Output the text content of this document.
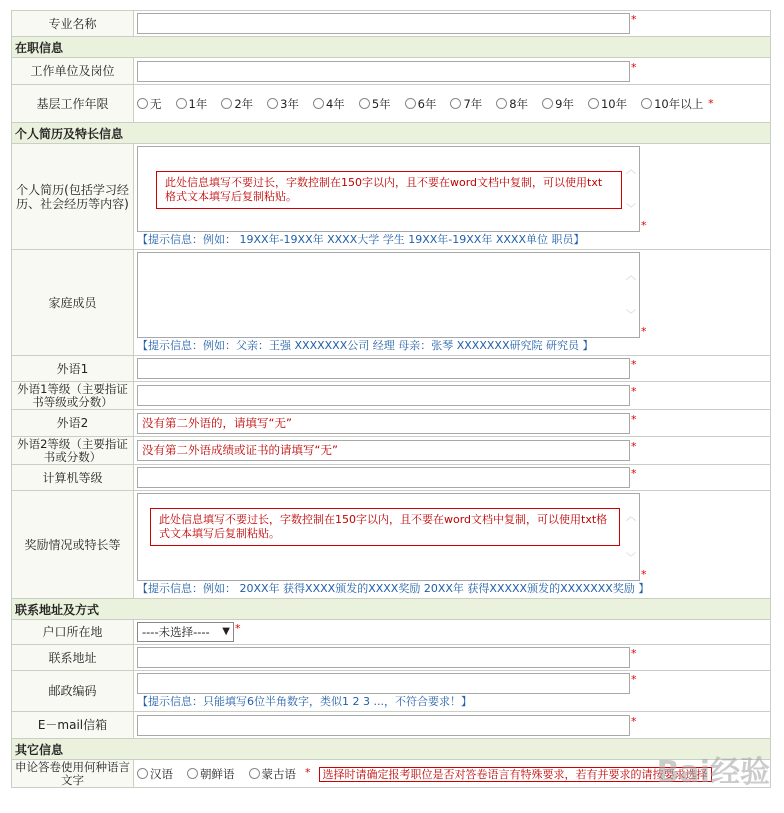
专业名称	*
在职信息	
工作单位及岗位	*
基层工作年限	无 1年 2年 3年 4年 5年 6年 7年 8年 9年 10年 10年以上 *

个人简历及特长信息	
个人简历(包括学习经历、社会经历等内容)	此处信息填写不要过长，字数控制在150字以内，且不要在word文档中复制，可以使用txt格式文本填写后复制粘贴。
︿
﹀
*
【提示信息：例如： 19XX年-19XX年 XXXX大学 学生 19XX年-19XX年 XXXX单位 职员】

家庭成员	︿
﹀
*
【提示信息：例如：父亲：王强 XXXXXXX公司 经理 母亲：张琴 XXXXXXX研究院 研究员 】

外语1	*
外语1等级（主要指证书等级或分数）	*
外语2	没有第二外语的，请填写“无” *
外语2等级（主要指证书或分数）	没有第二外语成绩或证书的请填写“无” *
计算机等级	*
奖励情况或特长等	此处信息填写不要过长，字数控制在150字以内，且不要在word文档中复制，可以使用txt格式文本填写后复制粘贴。
︿
﹀
*
【提示信息：例如： 20XX年 获得XXXX颁发的XXXX奖励 20XX年 获得XXXXX颁发的XXXXXXX奖励 】

联系地址及方式	
户口所在地	----未选择---- ▼ *
联系地址	*
邮政编码	*
【提示信息：只能填写6位半角数字，类似1 2 3 ...，不符合要求！】

E－mail信箱	*
其它信息	
申论答卷使用何种语言文字	汉语 朝鲜语 蒙古语 * 选择时请确定报考职位是否对答卷语言有特殊要求，若有并要求的请按要求选择
Bai经验
